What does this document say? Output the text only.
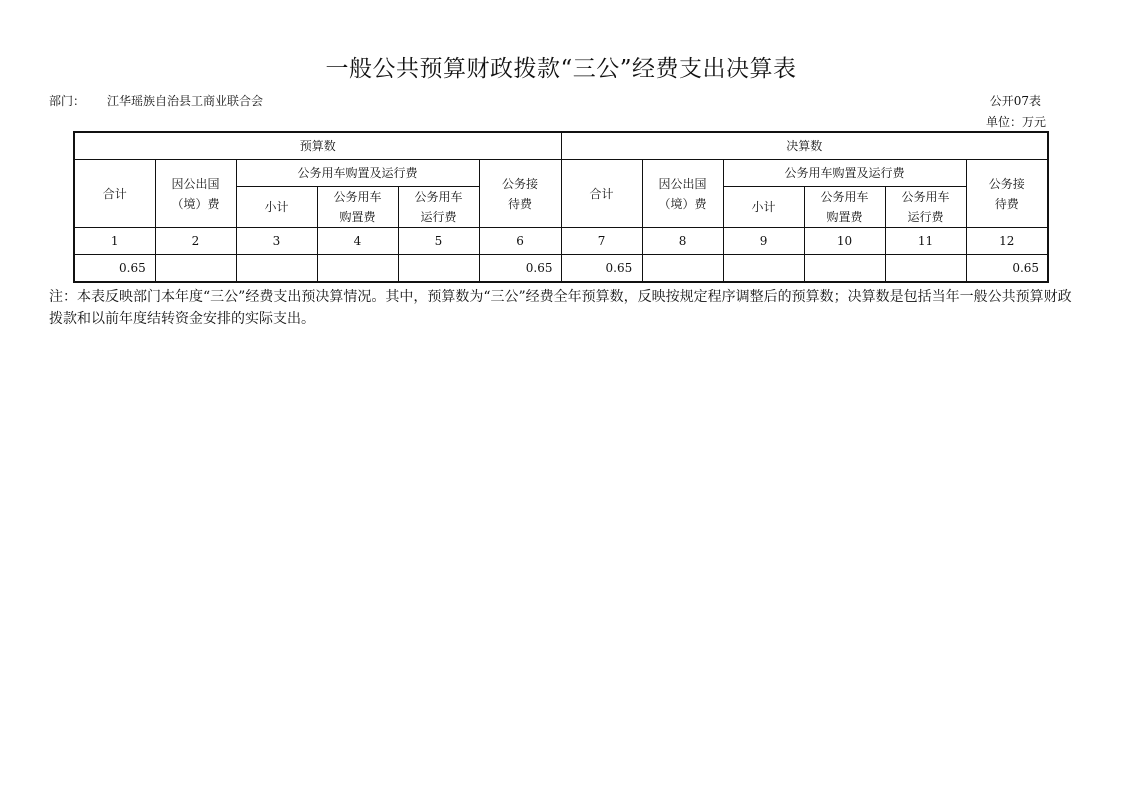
一般公共预算财政拨款“三公”经费支出决算表
部门： 江华瑶族自治县工商业联合会	公开07表
单位：万元
预算数						决算数					
合计	因公出国（境）费	公务用车购置及运行费			公务接待费	合计	因公出国（境）费	公务用车购置及运行费			公务接待费
		小计	公务用车购置费	公务用车运行费				小计	公务用车购置费	公务用车运行费	
1	2	3	4	5	6	7	8	9	10	11	12
0.65					0.65	0.65					0.65
注：本表反映部门本年度“三公”经费支出预决算情况。其中，预算数为“三公”经费全年预算数，反映按规定程序调整后的预算数；决算数是包括当年一般公共预算财政拨款和以前年度结转资金安排的实际支出。
